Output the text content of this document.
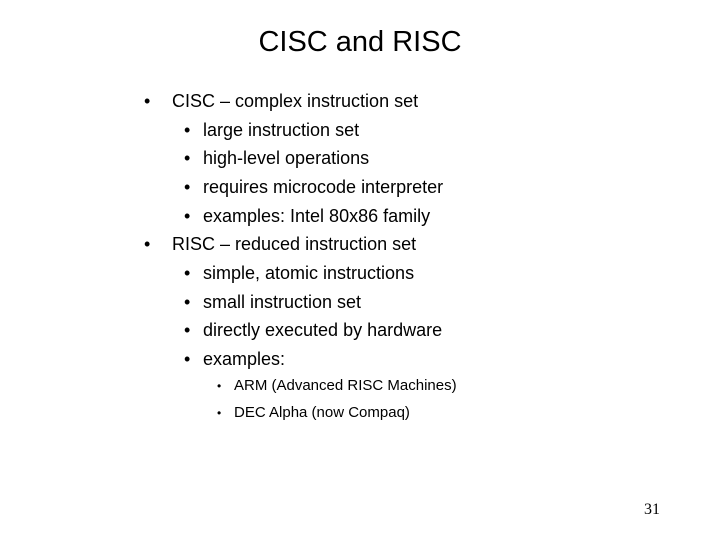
CISC and RISC
• CISC – complex instruction set
• large instruction set
• high-level operations
• requires microcode interpreter
• examples: Intel 80x86 family
• RISC – reduced instruction set
• simple, atomic instructions
• small instruction set
• directly executed by hardware
• examples:
• ARM (Advanced RISC Machines)
• DEC Alpha (now Compaq)
31
